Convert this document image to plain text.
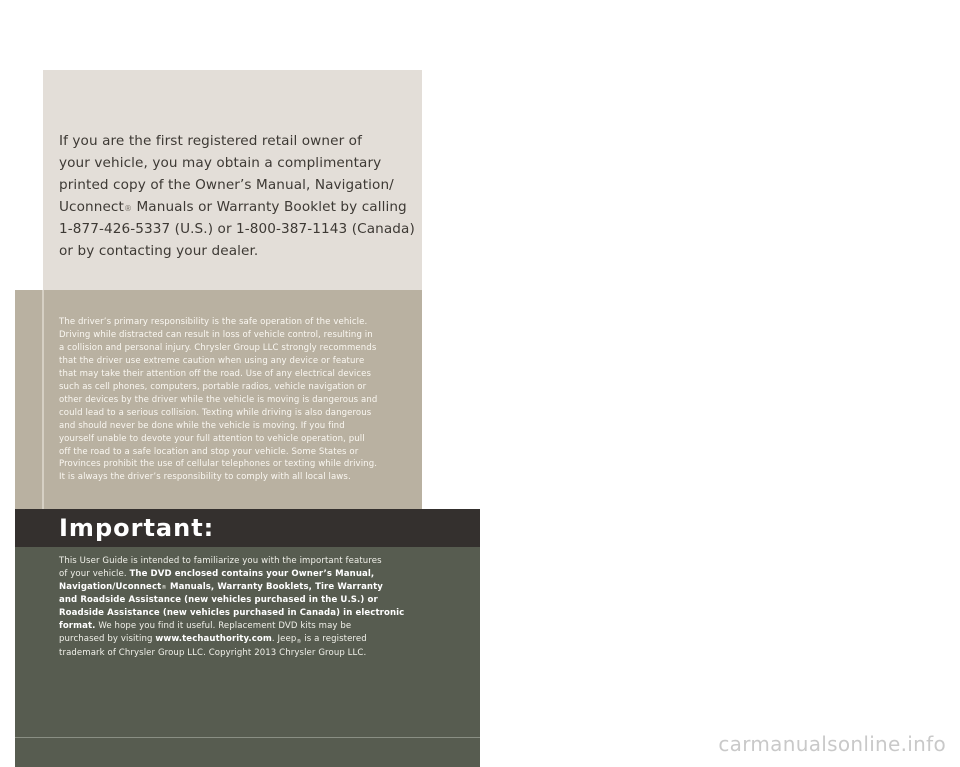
If you are the first registered retail owner of
your vehicle, you may obtain a complimentary
printed copy of the Owner’s Manual, Navigation/
Uconnect® Manuals or Warranty Booklet by calling
1-877-426-5337 (U.S.) or 1-800-387-1143 (Canada)
or by contacting your dealer.

The driver’s primary responsibility is the safe operation of the vehicle.
Driving while distracted can result in loss of vehicle control, resulting in
a collision and personal injury. Chrysler Group LLC strongly recommends
that the driver use extreme caution when using any device or feature
that may take their attention off the road. Use of any electrical devices
such as cell phones, computers, portable radios, vehicle navigation or
other devices by the driver while the vehicle is moving is dangerous and
could lead to a serious collision. Texting while driving is also dangerous
and should never be done while the vehicle is moving. If you find
yourself unable to devote your full attention to vehicle operation, pull
off the road to a safe location and stop your vehicle. Some States or
Provinces prohibit the use of cellular telephones or texting while driving.
It is always the driver’s responsibility to comply with all local laws.

Important:

This User Guide is intended to familiarize you with the important features
of your vehicle. The DVD enclosed contains your Owner’s Manual,
Navigation/Uconnect® Manuals, Warranty Booklets, Tire Warranty
and Roadside Assistance (new vehicles purchased in the U.S.) or
Roadside Assistance (new vehicles purchased in Canada) in electronic
format. We hope you find it useful. Replacement DVD kits may be
purchased by visiting www.techauthority.com. Jeep$_®$ is a registered
trademark of Chrysler Group LLC. Copyright 2013 Chrysler Group LLC.

carmanualsonline.info
